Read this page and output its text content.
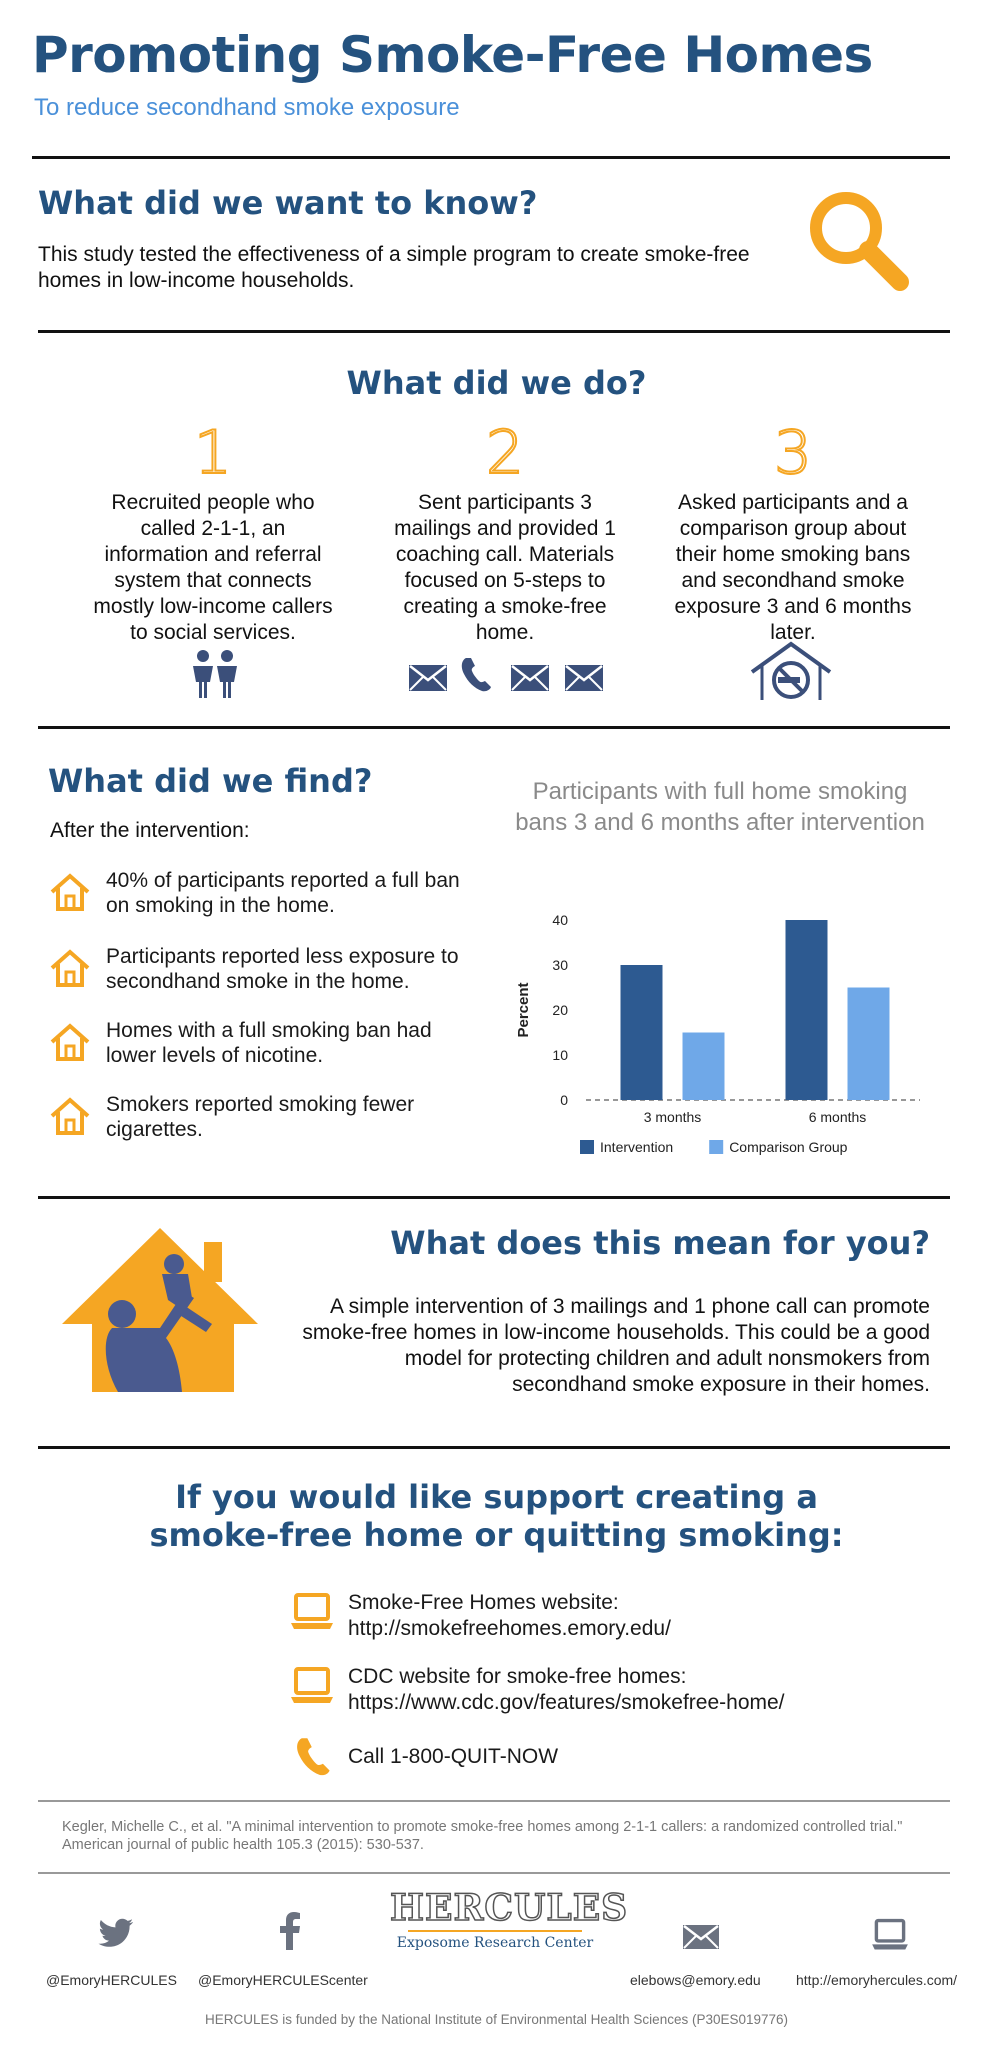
Promoting Smoke-Free Homes
To reduce secondhand smoke exposure
What did we want to know?
This study tested the effectiveness of a simple program to create smoke-free homes in low-income households.
What did we do?
1
Recruited people who called 2-1-1, an information and referral system that connects mostly low-income callers to social services.
2
Sent participants 3 mailings and provided 1 coaching call. Materials focused on 5-steps to creating a smoke-free home.
3
Asked participants and a comparison group about their home smoking bans and secondhand smoke exposure 3 and 6 months later.
What did we find?
After the intervention:
40% of participants reported a full ban on smoking in the home.
Participants reported less exposure to secondhand smoke in the home.
Homes with a full smoking ban had lower levels of nicotine.
Smokers reported smoking fewer cigarettes.
Participants with full home smoking bans 3 and 6 months after intervention
0
10
20
30
40
Percent
3 months	6 months
Intervention	Comparison Group
What does this mean for you?
A simple intervention of 3 mailings and 1 phone call can promote smoke-free homes in low-income households. This could be a good model for protecting children and adult nonsmokers from secondhand smoke exposure in their homes.
If you would like support creating a
smoke-free home or quitting smoking:
Smoke-Free Homes website:
http://smokefreehomes.emory.edu/
CDC website for smoke-free homes:
https://www.cdc.gov/features/smokefree-home/
Call 1-800-QUIT-NOW
Kegler, Michelle C., et al. "A minimal intervention to promote smoke-free homes among 2-1-1 callers: a randomized controlled trial." American journal of public health 105.3 (2015): 530-537.
@EmoryHERCULES @EmoryHERCULEScenter
HERCULES
Exposome Research Center
elebows@emory.edu	http://emoryhercules.com/
HERCULES is funded by the National Institute of Environmental Health Sciences (P30ES019776)
